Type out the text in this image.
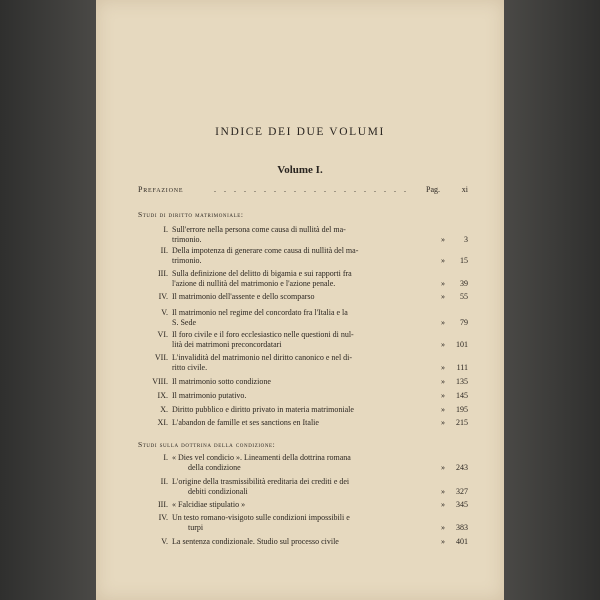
INDICE DEI DUE VOLUMI
Volume I.
Prefazione	. . . . . . . . . . . . . . . . . . . . Pag.	xi
Studi di diritto matrimoniale:
I. Sull'errore nella persona come causa di nullità del ma-
trimonio.	»	3
II. Della impotenza di generare come causa di nullità del ma-
trimonio.	»	15
III. Sulla definizione del delitto di bigamia e sui rapporti fra
l'azione di nullità del matrimonio e l'azione penale.	»	39
IV. Il matrimonio dell'assente e dello scomparso	»	55
V. Il matrimonio nel regime del concordato fra l'Italia e la
S. Sede	»	79
VI. Il foro civile e il foro ecclesiastico nelle questioni di nul-
lità dei matrimoni preconcordatari	»	101
VII. L'invalidità del matrimonio nel diritto canonico e nel di-
ritto civile.	»	111
VIII. Il matrimonio sotto condizione	»	135
IX. Il matrimonio putativo.	»	145
X. Diritto pubblico e diritto privato in materia matrimoniale	»	195
XI. L'abandon de famille et ses sanctions en Italie	»	215
Studi sulla dottrina della condizione:
I. « Dies vel condicio ». Lineamenti della dottrina romana
della condizione	»	243
II. L'origine della trasmissibilità ereditaria dei crediti e dei
debiti condizionali	»	327
III. « Falcidiae stipulatio »	»	345
IV. Un testo romano-visigoto sulle condizioni impossibili e
turpi	»	383
V. La sentenza condizionale. Studio sul processo civile	»	401
